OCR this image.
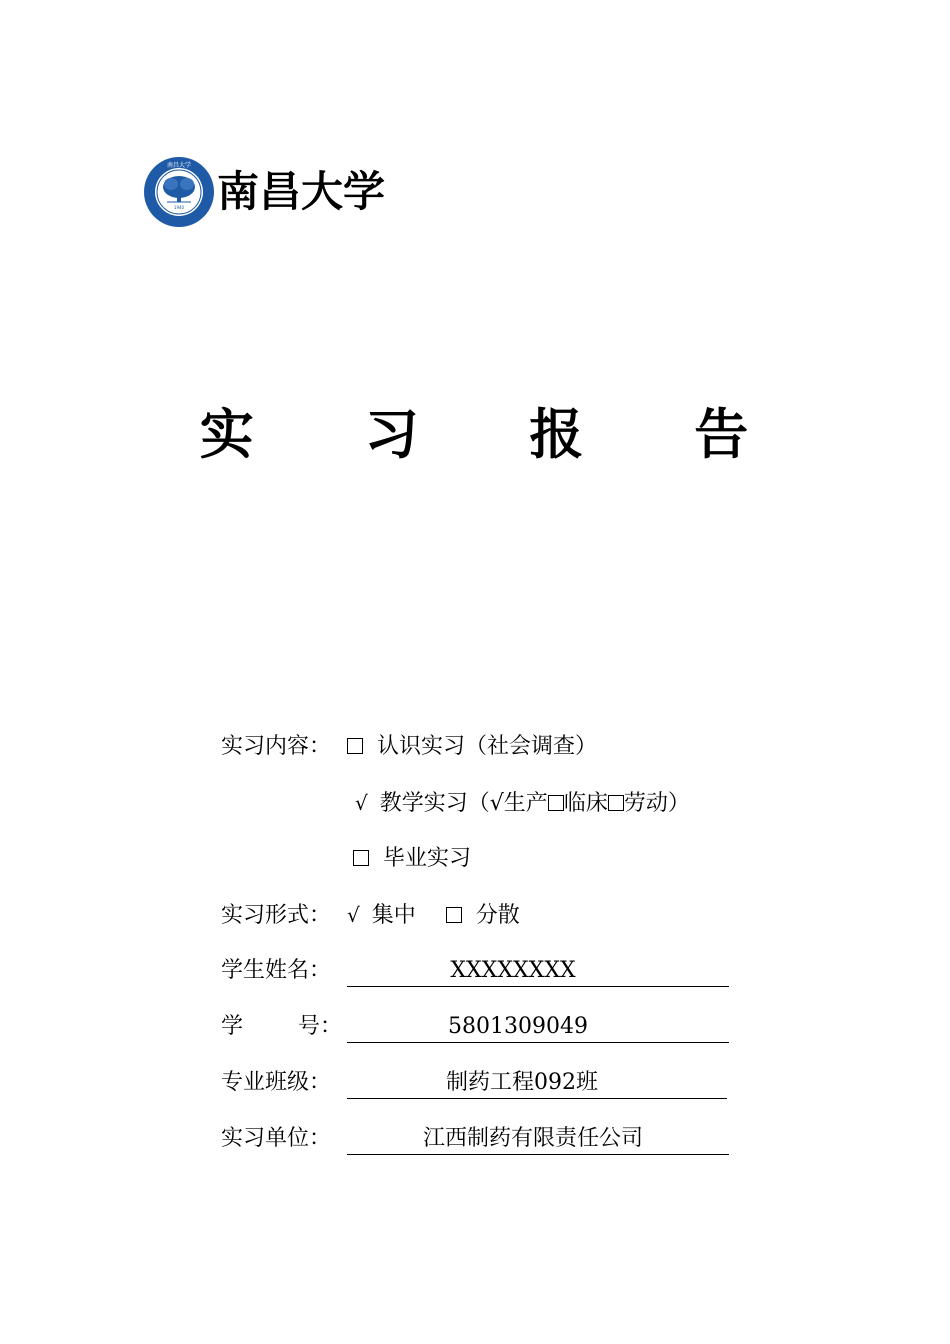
1940
南昌大学
南昌大学
实 习 报 告
实习内容： 认识实习（社会调查）
√ 教学实习（√生产 临床 劳动）
毕业实习
实习形式： √ 集中	分散
学生姓名：	XXXXXXXX
学 号：	5801309049
专业班级：	制药工程092班
实习单位：	江西制药有限责任公司
